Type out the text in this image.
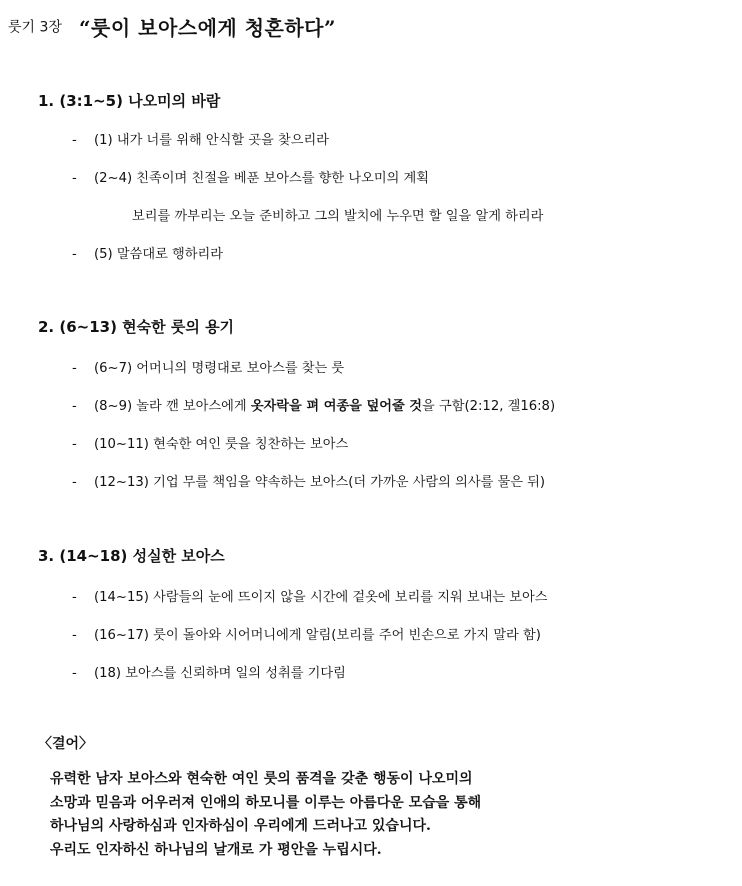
룻기 3장 “룻이 보아스에게 청혼하다”
1. (3:1~5) 나오미의 바람
- (1) 내가 너를 위해 안식할 곳을 찾으리라
- (2~4) 친족이며 친절을 베푼 보아스를 향한 나오미의 계획
보리를 까부리는 오늘 준비하고 그의 발치에 누우면 할 일을 알게 하리라
- (5) 말씀대로 행하리라
2. (6~13) 현숙한 룻의 용기
- (6~7) 어머니의 명령대로 보아스를 찾는 룻
- (8~9) 놀라 깬 보아스에게 옷자락을 펴 여종을 덮어줄 것을 구함(2:12, 겔16:8)
- (10~11) 현숙한 여인 룻을 칭찬하는 보아스
- (12~13) 기업 무를 책임을 약속하는 보아스(더 가까운 사람의 의사를 물은 뒤)
3. (14~18) 성실한 보아스
- (14~15) 사람들의 눈에 뜨이지 않을 시간에 겉옷에 보리를 지워 보내는 보아스
- (16~17) 룻이 돌아와 시어머니에게 알림(보리를 주어 빈손으로 가지 말라 함)
- (18) 보아스를 신뢰하며 일의 성취를 기다림
〈결어〉
유력한 남자 보아스와 현숙한 여인 룻의 품격을 갖춘 행동이 나오미의
소망과 믿음과 어우러져 인애의 하모니를 이루는 아름다운 모습을 통해
하나님의 사랑하심과 인자하심이 우리에게 드러나고 있습니다.
우리도 인자하신 하나님의 날개로 가 평안을 누립시다.
